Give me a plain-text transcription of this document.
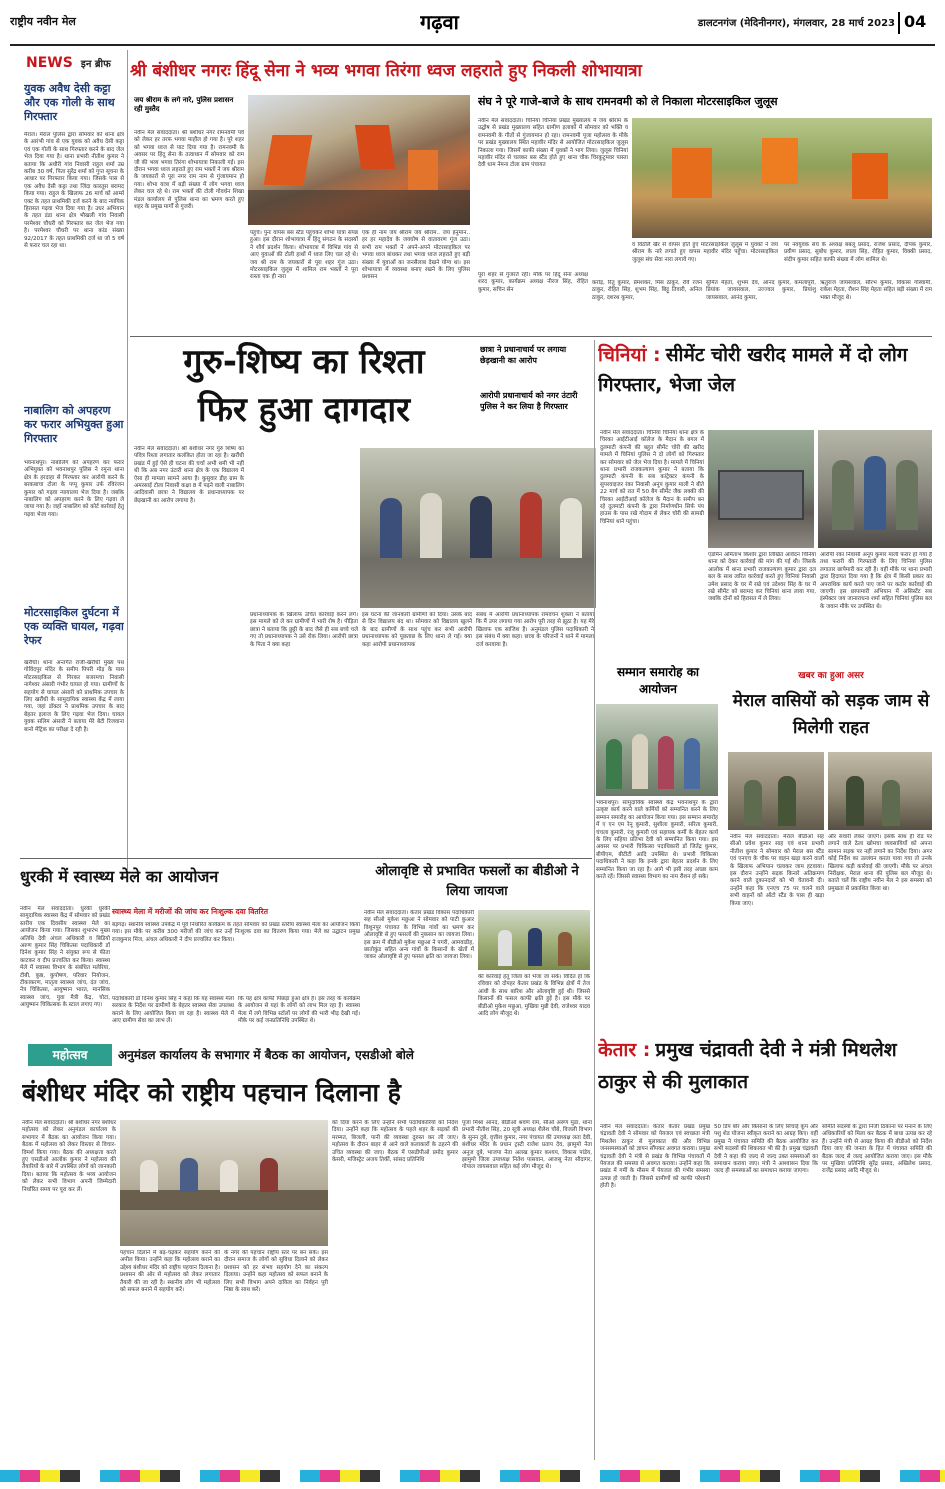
राष्ट्रीय नवीन मेल	गढ़वा	डालटनगंज (मेदिनीनगर), मंगलवार, 28 मार्च 2023 04
NEWS इन ब्रीफ
युवक अवैध देसी कट्टा और एक गोली के साथ गिरफ्तार
मेराल। मेराल पुलिस द्वारा सोमवार को थाना क्षेत्र के आरंभी गांव से एक युवक को अवैध देसी कट्टा एवं एक गोली के साथ गिरफ्तार करने के बाद जेल भेज दिया गया है। थाना प्रभारी नीतीश कुमार ने बताया कि अधौरी गांव निवासी राहुल शर्मा उम्र करीब 30 वर्ष, पिता सुरेंद्र शर्मा को गुप्त सूचना के आधार पर गिरफ्तार किया गया। जिसके पास से एक अवैध देसी कट्टा तथा जिंदा कारतूस बरामद किया गया। राहुल के खिलाफ 26 मार्च को आर्म्स एक्ट के तहत प्राथमिकी दर्ज करने के बाद न्यायिक हिरासत गढ़वा भेज दिया गया है। उधर अभियान के तहत डंडा थाना क्षेत्र भौखली गांव निवासी परमेश्वर चौधरी को गिरफ्तार कर जेल भेज गया है। परमेश्वर चौधरी पर थाना कांड संख्या 92/2017 के तहत प्राथमिकी दर्ज था जो 5 वर्ष से फरार चल रहा था।
नाबालिग को अपहरण कर फरार अभियुक्त हुआ गिरफ्तार
भवनाथपुर। नाबालिग को अपहरण कर फरार अभियुक्त को भवनाथपुर पुलिस ने रमुना थाना क्षेत्र के हरदाहा से गिरफ्तार कर आरोपी करने के बरकबाचा टोला के पप्पू कुमार उर्फ रविरंजन कुमार को गढ़वा न्यायालय भेज दिया है। जबकि नाबालिग को अपहरण करने के लिए गढ़वा ले जाया गया है। जहाँ नाबालिग को कोर्ट कार्रवाई हेतु गढ़वा भेजा गया।
मोटरसाइकिल दुर्घटना में एक व्यक्ति घायल, गढ़वा रेफर
खरौंधी। थाना अन्तर्गत राजी-खरौंधी मुख्य पथ गोविंदपुर मंदिर के समीप पिपरी मोड़ के पास मोटरसाइकिल से गिरकर बजरमचा निवासी नागेश्वर अंसारी गंभीर घायल हो गया। ग्रामीणों के सहयोग से घायल अंसारी को प्राथमिक उपचार के लिए खरौंधी के सामुदायिक स्वास्थ्य केंद्र में लाया गया, जहां डॉक्टर ने प्राथमिक उपचार के बाद बेहतर इलाज के लिए गढ़वा भेज दिया। घायल युवक सलिम अंसारी ने बताया मेरे बेटी रिजवाना बानो मेट्रिक का परीक्षा दे रही है।
श्री बंशीधर नगरः हिंदू सेना ने भव्य भगवा तिरंगा ध्वज लहराते हुए निकली शोभायात्रा
जय श्रीराम के लगे नारे, पुलिस प्रशासन रही मुस्तैद
नवीन मेल संवाददाता। श्री बंशीधर नगर रामनवमी पर्व को लेकर हर तरफ भगवा माहौल हो गया है। पूरे शहर को भगवा ध्वज से पाट दिया गया है। रामनवमी के अवसर पर हिंदू सेना के तत्वाधान में सोमवार को राम जी की भव्य भगवा तिरंगा शोभायात्रा निकाली गई। इस दौरान भगवा ध्वज लहराते हुए राम भक्तों ने जय श्रीराम के जयकारों से पूरा नगर राम नाम से गुंजायमान हो गया। शोभा यात्रा में बड़ी संख्या में लोग भगवा ध्वज लेकर चल रहे थे। राम भक्तों की टोली गोवर्धन शिखा मंडल कार्यालय से पुलिस थाना का भ्रमण करते हुए शहर के प्रमुख मार्गों से गुजरी।
पहुंचे। पुनः वापस बस स्टैंड पहुंचकर शोभा यात्रा संपन्न हुआ। इस दौरान शोभायात्रा में हिंदू संगठन के सदस्यों ने शौर्य प्रदर्शन किया। शोभायात्रा में विभिन्न गांव से आए युवाओं की टोली हाथों में ध्वज लिए चल रहे थे। जय श्री राम के जयकारों से पूरा शहर गूंज उठा। मोटरसाइकिल जुलूस में शामिल राम भक्तों ने पूरा रास्ता एक ही नारा
एक ही नाम जय श्रीराम जय श्रीराम.. जय हनुमान.. हर हर महादेव के जयघोष से वातावरण गूंज उठा। सभी राम भक्तों ने अपने-अपने मोटरसाइकिल पर भगवा ध्वज बांधकर तथा भगवा ध्वज लहराते हुए बड़ी संख्या में युवाओं का जनसैलाब देखने योग्य था। इस शोभायात्रा में व्यवस्था बनाए रखने के लिए पुलिस प्रशासन
संघ ने पूरे गाजे-बाजे के साथ रामनवमी को ले निकाला मोटरसाइकिल जुलूस
नवीन मेल संवाददाता। चिनियां चिनियां प्रखंड मुख्यालय में जय श्रीराम के उद्घोष से प्रखंड मुख्यालय सहित ग्रामीण इलाकों में सोमवार को भक्ति व रामनवमी के गीतों से गुंजायमान हो रहा। रामनवमी पूजा महोत्सव के मौके पर प्रखंड मुख्यालय स्थित महावीर मंदिर से आयोजित मोटरसाइकिल जुलूस निकाला गया। जिसमें काफी संख्या में युवकों ने भाग लिया। जुलूस चिनियां महावीर मंदिर से चलकर बस स्टैंड होते हुए थाना चौक चिरकुटुमवर पास्ता देवी धाम नेमना टोला ग्राम पंचायत
व विठौलै खैर से वापस होते हुए मोटरसाइकिल जुलूस में युवकों ने जय श्रीराम के नारे लगाते हुए वापस महावीर मंदिर पहुँचा। मोटरसाइकिल जुलूस संघ सेवा नारा लगाये गए।
पर नवयुवक संघ के अध्यक्ष बबलू प्रसाद, राजेश प्रसाद, दीपक कुमार, प्रवीण प्रसाद, सुबोध कुमार, लाला सिंह, रोहित कुमार, विक्की प्रसाद, संदीप कुमार सहित काफी संख्या में लोग शामिल थे।
पूरा शहर से गुजरते रहीं। मौके पर हिंदू सेना अध्यक्ष शरद कुमार, कार्यक्रम अध्यक्ष नीरज सिंह, रोहित कुमार, सचिन सेन
करोड़, रितु कुमार, प्रेमशंकर, मिंस ठाकुर, रवि रंजन ठाकुर, रोहित सिंह, शुभम सिंह, बिट्टू तिवारी, अनिल ठाकुर, दशरथ कुमार,
सुमित मेहता, शुभम देव, आनंद कुमार, कमलापुरी, प्रियांक जायसवाल, उज्ज्वल कुमार, प्रियांशु जायसवाल, आनंद कुमार,
ऋतुराज जायसवाल, सौरभ कुमार, विकास गोस्वामी, राकेश मेहता, रौशन सिंह मेहता सहित बड़ी संख्या में राम भक्त मौजूद थे।
गुरु-शिष्य का रिश्ता
फिर हुआ दागदार
छात्रा ने प्रधानाचार्य पर लगाया छेड़खानी का आरोप
आरोपी प्रधानाचार्य को नगर उंटारी पुलिस ने कर लिया है गिरफ्तार
नवीन मेल संवाददाता। श्री बंशीधर नगर गुरु शिष्य का पवित्र रिश्ता लगातार कलंकित होता जा रहा है। खरौंधी प्रखंड में हुई ऐसे ही घटना की चर्चा अभी थमी भी नहीं थी कि अब नगर उंटारी थाना क्षेत्र के एक विद्यालय में ऐसा ही मामला सामने आया है। कुसुवार डीह ग्राम के अमरसाई टोला निवासी कक्षा 8 में पढ़ने वाली नाबालिग आदिवासी छात्रा ने विद्यालय के प्रधानाध्यापक पर छेड़खानी का आरोप लगाया है।
प्रधानाध्यापक के खिलाफ उचित कार्रवाई करने लगे। इस मामले को ले कर ग्रामीणों में भारी रोष है। पीड़िता छात्रा ने बताया कि छुट्टी के बाद जैसे ही सब बच्चे चले गए तो प्रधानाध्यापक ने उसे रोक लिया। आरोपी छात्रा के पिता ने क्या कहा
इस घटना की जानकारी ग्रामीणों को दिया। उसके बाद से दिन विद्यालय बंद था। सोमवार को विद्यालय खुलने के बाद ग्रामीणों के साथ पहुंच कर सभी आरोपी प्रधानाध्यापक को पूछताछ के लिए थाना ले गई। क्या कहा आरोपी प्रधानाध्यापक
संबंध में आरोपी प्रधानाध्यापक रामवचन शुक्ला ने बताया कि मैं उपर लगाया गया आरोप पूरी तरह से झूठा है। यह मेरे खिलाफ एक साजिश है। अनुमंडल पुलिस पदाधिकारी ने इस संबंध में क्या कहा। छात्रा के परिजनों ने थाने में मामला दर्ज करवाया है।
चिनियां : सीमेंट चोरी खरीद मामले में दो लोग गिरफ्तार, भेजा जेल
नवीन मेल संवाददाता। चिनियां चिनियां थाना क्षेत्र के चिरका आईटीआई कॉलेज के मैदान के बगल में दुलमाटी कंपनी की बहुत सीमेंट चोरी की खरीद मामले में चिनियां पुलिस ने दो लोगों को गिरफ्तार कर सोमवार को जेल भेज दिया है। मामले में चिनियां थाना प्रभारी राजकल्याण कुमार ने बताया कि दुलमाटी कंपनी के सब कांट्रेक्टर कंपनी के सुपरवाइजर रंका निवासी अनूप कुमार माली ने बीते 22 मार्च को रात में 50 बैग सीमेंट जैक लक्की की चिरका आईटीआई कॉलेज के मैदान के समीप बन रहे दुलमाटी कंपनी के द्वारा निर्माणधीन सिर्फ पंप हाउस के पास रखे गोदाम से लेकर चोरी की सामग्री चिनियां थाने पहुंचा।
एडमिन अमिताभ किशोर द्वारा लिखित आवेदन चिनियां थाना को देकर कार्रवाई की मांग की गई थी। जिसके आलोक में थाना प्रभारी राजकल्याण कुमार द्वारा दल बल के साथ त्वरित कार्रवाई करते हुए चिनियां निवासी उमेश प्रसाद के घर में रखे एवं उदेश्वर सिंह के घर में रखे सीमेंट को बरामद कर चिनियां थाना लाया गया, जबकि दोनों को हिरासत में ले लिया।
आरोपी रंका निवासी अनूप कुमार माली फरार हो गया है तथा फरारी की गिरफ्तारी के लिए चिनियां पुलिस लगातार छापेमारी कर रही है। वहीं मौके पर थाना प्रभारी द्वारा हिदायत दिया गया है कि क्षेत्र में किसी प्रकार का अपराधिक कार्य करते पाए जाने पर कठोर कार्रवाई की जाएगी। इस छापामारी अभियान में असिस्टेंट सब इंस्पेक्टर जय जानाराधना शर्मा सहित चिनियां पुलिस बल के जवान मौके पर उपस्थित थे।
सम्मान समारोह का आयोजन
भवनाथपुर। सामुदायिक स्वास्थ्य केंद्र भवनाथपुर के द्वारा उत्कृष्ट कार्य करने वाले कर्मियों को सम्मानित करने के लिए सम्मान समारोह का आयोजन किया गया। इस सम्मान समारोह में ए एन एम रेनू कुमारी, सुशीला कुमारी, सरिता कुमारी, चंचला कुमारी, रंजू कुमारी एवं सहायक कर्मी के बेहतर कार्य के लिए सहिया प्रतिभा देवी को सम्मानित किया गया। इस अवसर पर प्रभारी चिकित्सा पदाधिकारी डॉ जितेंद्र कुमार, बीपीएम, बीटीटी आदि उपस्थित थे। प्रभारी चिकित्सा पदाधिकारी ने कहा कि इनके द्वारा बेहतर प्रदर्शन के लिए सम्मानित किया जा रहा है। आगे भी इसी तरह अच्छा काम करते रहें। जिससे स्वास्थ्य विभाग का नाम रौशन हो सके।
खबर का हुआ असर
मेराल वासियों को सड़क जाम से मिलेगी राहत
नवीन मेल संवाददाता। मेराल बीडीओ सह सीओ प्रवेश कुमार साह एवं थाना प्रभारी नीतीश कुमार ने सोमवार को मेराल बस स्टैंड एवं एनएच के चौक पर वाहन खड़ा करने वालों के खिलाफ अभियान चलाकर जाम हटवाया। इस दौरान उन्होंने सड़क किनारे अतिक्रमण करने वाले दुकानदारों को भी चेतावनी दी। उन्होंने कहा कि एनएच 75 पर चलने वाले सभी वाहनों को ऑटो स्टैंड के पास ही खड़ा किया जाए।
और सवारी लेकर जाएंगे। इसके साथ ही रोड पर लगाने वाले ठेला खोमचा व्यवसायियों को अपना सामान सड़क पर नहीं लगाने का निर्देश दिया। अगर कोई निर्देश का उल्लंघन करता पाया गया तो उनके खिलाफ कड़ी कार्रवाई की जाएगी। मौके पर अंचल निरीक्षक, मेराल थाना की पुलिस बल मौजूद थे। बताते चलें कि राष्ट्रीय नवीन मेल ने इस समस्या को प्रमुखता से प्रकाशित किया था।
धुरकी में स्वास्थ्य मेले का आयोजन
नवीन मेल संवाददाता। धुरकी धुरकी सामुदायिक स्वास्थ्य केंद्र में सोमवार को प्रखंड स्तरीय एक दिवसीय स्वास्थ्य मेले का आयोजन किया गया। जिसका शुभारंभ मुख्य अतिथि देवी अंचल अधिकारी व बिडियो अरुण कुमार सिंह चिकित्सा पदाधिकारी डॉ दिनेश कुमार सिंह ने संयुक्त रूप से फीता काटकर व दीप प्रज्वलित कर किया। स्वास्थ्य मेले में स्वास्थ्य विभाग के संबंधित मलेरिया, टीबी, कुष्ठ, कुपोषण, परिवार नियोजन, टीकाकरण, मातृत्व स्वास्थ्य जांच, दंत जांच, नेत्र चिकित्सा, आयुष्मान भारत, मानसिक स्वास्थ्य जांच, युवा मैत्री केंद्र, चोटा, आयुष्मान चिकित्सक के स्टाल लगाए गए।
स्वास्थ्य मेला में मरीजों की जांच कर निःशुल्क दवा वितरित
बड़गढ़। स्थानीय स्वास्थ्य उपकेंद्र में पूर्व निर्धारित कार्यक्रम के तहत सोमवार को प्रखंड स्तरीय स्वास्थ्य मेला का आयोजन किया गया। इस मौके पर करीब 300 मरीजों की जांच कर उन्हें निःशुल्क दवा का वितरण किया गया। मेले का उद्घाटन प्रमुख राजकुमार मिंज, अंचल अधिकारी ने दीप प्रज्वलित कर किया।
पदाधिकारी डॉ दिनेश कुमार सिंह ने कहा कि यह स्वास्थ्य मेला सरकार के निर्देश पर ग्रामीणों के बेहतर स्वास्थ्य सेवा उपलब्ध कराने के लिए आयोजित किया जा रहा है। स्वास्थ्य मेले में आए ग्रामीण सेवा का लाभ लें।
कि यह क्षेत्र काफी पिछड़ा हुआ क्षेत्र है। इस तरह के कार्यक्रम के आयोजन से यहां के लोगों को लाभ मिल रहा है। स्वास्थ्य मेला में लगे विभिन्न स्टॉलों पर लोगों की भारी भीड़ देखी गई। मौके पर कई जनप्रतिनिधि उपस्थित थे।
ओलावृष्टि से प्रभावित फसलों का बीडीओ ने लिया जायजा
नवीन मेल संवाददाता। केतार प्रखंड विकास पदाधिकारी सह सीओ मुकेश मछुआ ने सोमवार को पाटी कुआर विशुनपुर पंचायत के विभिन्न गांवों का भ्रमण कर ओलावृष्टि से हुए फसलों की नुकसान का जायजा लिया। इस क्रम में बीडीओ मुकेश मछुआ ने पगरी, आमवाडीह, छातोकुंड सहित अन्य गांवों के किसानों के खेतों में जाकर ओलावृष्टि से हुए फसल क्षति का जायजा लिया।
की कार्रवाई हेतु जिला को भेजा जा सके। विदित हो कि रविवार को दोपहर केतार प्रखंड के विभिन्न क्षेत्रों में तेज आंधी के साथ बारिश और ओलावृष्टि हुई थी। जिससे किसानों की फसल काफी क्षति हुई है। इस मौके पर बीडीओ मुकेश मछुआ, मुखिया मुन्नी देवी, राजेश्वर यादव आदि लोग मौजूद थे।
महोत्सव	अनुमंडल कार्यालय के सभागार में बैठक का आयोजन, एसडीओ बोले
बंशीधर मंदिर को राष्ट्रीय पहचान दिलाना है
नवीन मेल संवाददाता। श्री बंशीधर नगर बंशीधर महोत्सव को लेकर अनुमंडल कार्यालय के सभागार में बैठक का आयोजन किया गया। बैठक में महोत्सव को लेकर विस्तार से विचार-विमर्श किया गया। बैठक की अध्यक्षता करते हुए एसडीओ आलोक कुमार ने महोत्सव की तैयारियों के बारे में उपस्थित लोगों को जानकारी दिया। बताया कि महोत्सव के भव्य आयोजन को लेकर सभी विभाग अपनी जिम्मेदारी निर्धारित समय पर पूरा कर लें।
पहचान दिलाने में बढ़-चढ़कर सहयोग करने की अपील किया। उन्होंने कहा कि महोत्सव कराने का उद्देश्य बंशीधर मंदिर को राष्ट्रीय पहचान दिलाना है। प्रशासन की ओर से महोत्सव को लेकर लगातार तैयारी की जा रही है। स्थानीय लोग भी महोत्सव को सफल बनाने में सहयोग करें।
के नगर की पहचान राष्ट्रीय स्तर पर बन सके। इस दौरान समाज के लोगों को सुविधा दिलाने को लेकर प्रशासन को हर संभव सहयोग देने का संकल्प दिलाया। उन्होंने कहा महोत्सव को सफल बनाने के लिए सभी विभाग अपने दायित्व का निर्वहन पूरी निष्ठा के साथ करें।
को दिया करने के लिए उन्होंने सभी पदाधिकारियों को निर्देश दिया। उन्होंने कहा कि महोत्सव के पहले शहर के सड़कों की मरम्मत, बिजली, पानी की व्यवस्था दुरुस्त कर ली जाए। महोत्सव के दौरान बाहर से आने वाले कलाकारों के ठहरने की उचित व्यवस्था की जाए। बैठक में एसडीपीओ प्रमोद कुमार केसरी, मजिस्ट्रेट अजय तिर्की, सांसद प्रतिनिधि
पूजा मिश्रा आनंद, बीडीओ श्रवण राम, सीओ अरुण मुंडा, थाना प्रभारी नीतीश सिंह, 20 सूत्री अध्यक्ष शैलेश चौबे, विजली विभाग के सुनन दुबे, वृत्तीश कुमार, नगर पंचायत की उपाध्यक्ष लता देवी, बंशीधर मंदिर के प्रधान ट्रस्टी राजेश प्रताप देव, झामुमो नेता अनुज दुबे, भाजपा नेता अलख कुमार कश्यप, विकास पांडेय, झामुमो जिला उपाध्यक्ष नितेश पासवान, आजसू नेता सौदागर, गोपाल जायसवाल सहित कई लोग मौजूद थे।
केतार : प्रमुख चंद्रावती देवी ने मंत्री मिथलेश ठाकुर से की मुलाकात
नवीन मेल संवाददाता। केतार केतार प्रखंड प्रमुख चंद्रावती देवी ने सोमवार को पेयजल एवं स्वच्छता मंत्री मिथलेश ठाकुर से मुलाकात की और विभिन्न जनसमस्याओं को ज्ञापन सौंपकर अवगत कराया। प्रमुख चंद्रावती देवी ने मंत्री से प्रखंड के विभिन्न पंचायतों में पेयजल की समस्या से अवगत कराया। उन्होंने कहा कि प्रखंड में गर्मी के मौसम में पेयजल की गंभीर समस्या उत्पन्न हो जाती है। जिससे ग्रामीणों को काफी परेशानी होती है।
50 डिप बोर और किसानों के लिए सिंचाई कूप और पशु शेड योजना स्वीकृत कराने का आग्रह किए। वहीं प्रमुख ने पंचायत समिति की बैठक आयोजित कर सभी सदस्यों की शिकायत भी की है। प्रमुख चंद्रावती देवी ने कहा की जल्द से जल्द उक्त समस्याओं का समाधान कराया जाए। मंत्री ने आश्वासन दिया कि जल्द ही समस्याओं का समाधान कराया जाएगा।
समिति सदस्यों के द्वारा निजी ठिकाना पर मनाने के लिए अधिकारियों को मिला कर बैठक में बाधा उत्पन्न कर रहे हैं। उन्होंने मंत्री से आग्रह किया की बीडीओ को निर्देश दिया जाए की जनता के हित में पंचायत समिति की बैठक जल्द से जल्द आयोजित कराया जाए। इस मौके पर मुखिया प्रतिनिधि सुरेंद्र प्रसाद, अखिलेश प्रसाद, राजेंद्र प्रसाद आदि मौजूद थे।
